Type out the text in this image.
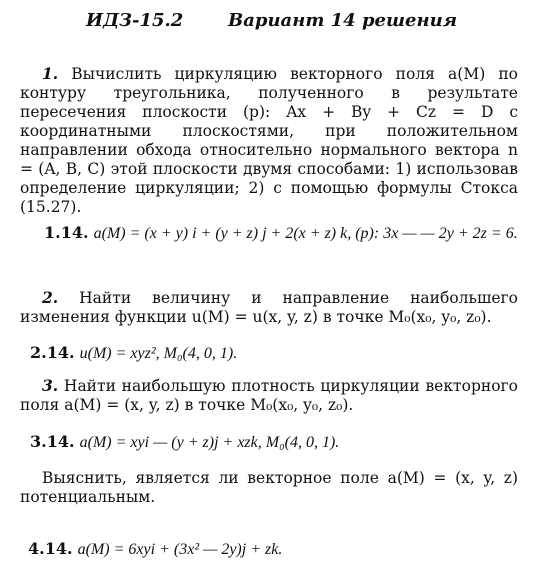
ИДЗ-15.2 Вариант 14 решения

1. Вычислить циркуляцию векторного поля a(M) по контуру треугольника, полученного в результате пересечения плоскости (p): Ax + By + Cz = D с координатными плоскостями, при положительном направлении обхода относительно нормального вектора n = (A, B, C) этой плоскости двумя способами: 1) использовав определение циркуляции; 2) с помощью формулы Стокса (15.27).

1.14. a(M) = (x + y) i + (y + z) j + 2(x + z) k, (p): 3x — — 2y + 2z = 6.

2. Найти величину и направление наибольшего изменения функции u(M) = u(x, y, z) в точке M₀(x₀, y₀, z₀).

2.14. u(M) = xyz², M₀(4, 0, 1).

3. Найти наибольшую плотность циркуляции векторного поля a(M) = (x, y, z) в точке M₀(x₀, y₀, z₀).

3.14. a(M) = xyi — (y + z)j + xzk, M₀(4, 0, 1).

Выяснить, является ли векторное поле a(M) = (x, y, z) потенциальным.

4.14. a(M) = 6xyi + (3x² — 2y)j + zk.
